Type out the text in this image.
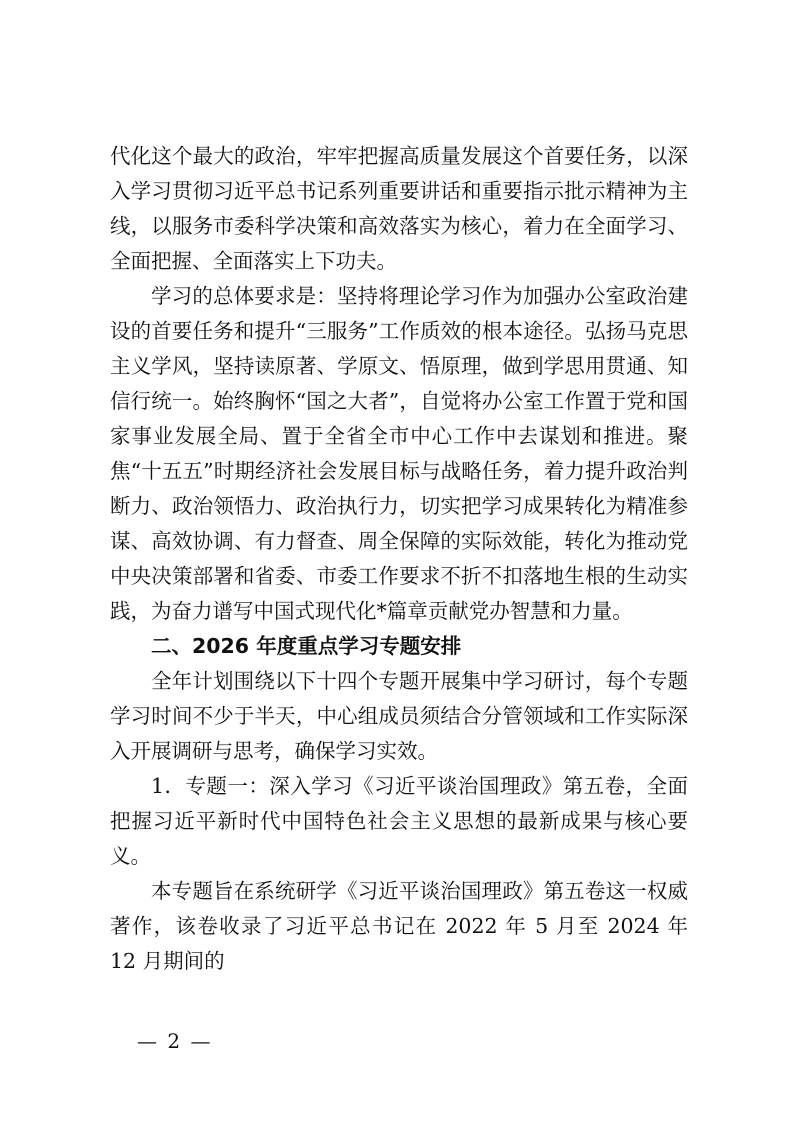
代化这个最大的政治，牢牢把握高质量发展这个首要任务，以深入学习贯彻习近平总书记系列重要讲话和重要指示批示精神为主线，以服务市委科学决策和高效落实为核心，着力在全面学习、全面把握、全面落实上下功夫。

学习的总体要求是：坚持将理论学习作为加强办公室政治建设的首要任务和提升“三服务”工作质效的根本途径。弘扬马克思主义学风，坚持读原著、学原文、悟原理，做到学思用贯通、知信行统一。始终胸怀“国之大者”，自觉将办公室工作置于党和国家事业发展全局、置于全省全市中心工作中去谋划和推进。聚焦“十五五”时期经济社会发展目标与战略任务，着力提升政治判断力、政治领悟力、政治执行力，切实把学习成果转化为精准参谋、高效协调、有力督查、周全保障的实际效能，转化为推动党中央决策部署和省委、市委工作要求不折不扣落地生根的生动实践，为奋力谱写中国式现代化*篇章贡献党办智慧和力量。

二、2026 年度重点学习专题安排

全年计划围绕以下十四个专题开展集中学习研讨，每个专题学习时间不少于半天，中心组成员须结合分管领域和工作实际深入开展调研与思考，确保学习实效。

1．专题一：深入学习《习近平谈治国理政》第五卷，全面把握习近平新时代中国特色社会主义思想的最新成果与核心要义。

本专题旨在系统研学《习近平谈治国理政》第五卷这一权威著作，该卷收录了习近平总书记在 2022 年 5 月至 2024 年 12 月期间的

— 2 —
